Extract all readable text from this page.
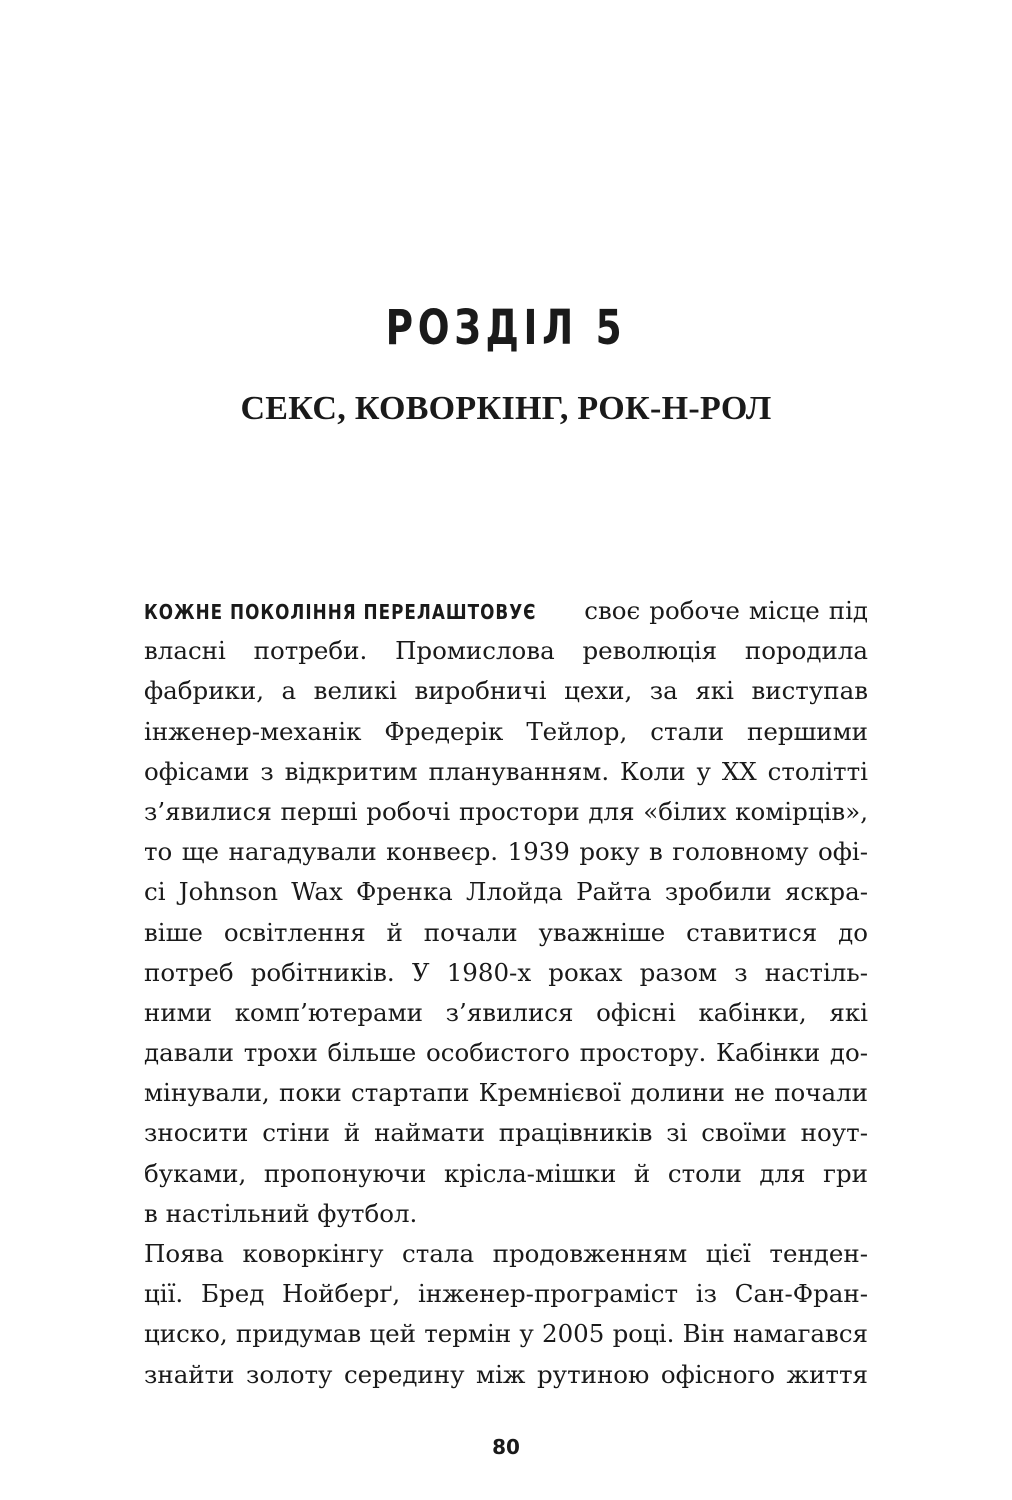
РОЗДІЛ 5
СЕКС, КОВОРКІНГ, РОК-Н-РОЛ
КОЖНЕ ПОКОЛІННЯ ПЕРЕЛАШТОВУЄ своє робоче місце під
власні потреби. Промислова революція породила
фабрики, а великі виробничі цехи, за які виступав
інженер-механік Фредерік Тейлор, стали першими
офісами з відкритим плануванням. Коли у XX столітті
з’явилися перші робочі простори для «білих комірців»,
то ще нагадували конвеєр. 1939 року в головному офі-
сі Johnson Wax Френка Ллойда Райта зробили яскра-
віше освітлення й почали уважніше ставитися до
потреб робітників. У 1980-х роках разом з настіль-
ними комп’ютерами з’явилися офісні кабінки, які
давали трохи більше особистого простору. Кабінки до-
мінували, поки стартапи Кремнієвої долини не почали
зносити стіни й наймати працівників зі своїми ноут-
буками, пропонуючи крісла-мішки й столи для гри
в настільний футбол.
Поява коворкінгу стала продовженням цієї тенден-
ції. Бред Нойберґ, інженер-програміст із Сан-Фран-
циско, придумав цей термін у 2005 році. Він намагався
знайти золоту середину між рутиною офісного життя
80
